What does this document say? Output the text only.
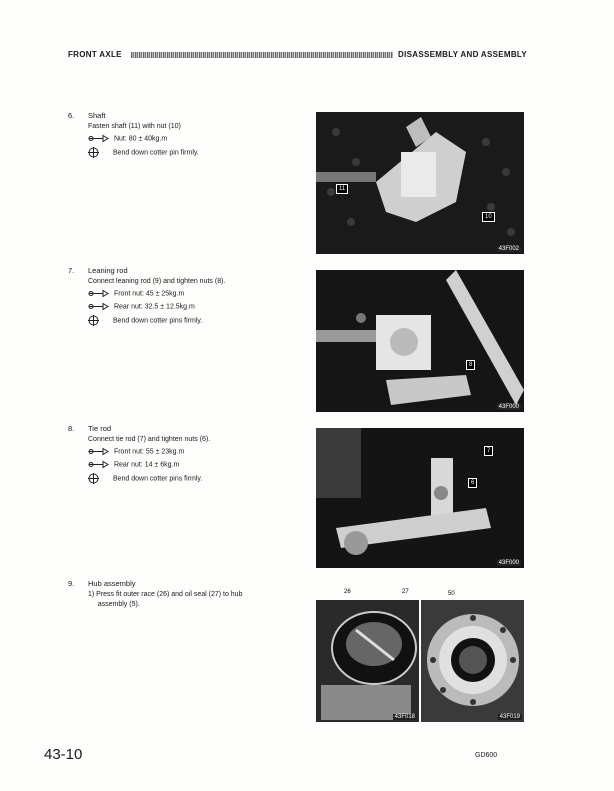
FRONT AXLE	DISASSEMBLY AND ASSEMBLY
6. Shaft
Fasten shaft (11) with nut (10)
Nut: 80 ± 40kg.m
Bend down cotter pin firmly.
11
10
43F002
7. Leaning rod
Connect leaning rod (9) and tighten nuts (8).
Front nut: 45 ± 25kg.m
Rear nut: 32.5 ± 12.5kg.m
Bend down cotter pins firmly.
8
43F000
8. Tie rod
Connect tie rod (7) and tighten nuts (6).
Front nut: 55 ± 23kg.m
Rear nut: 14 ± 6kg.m
Bend down cotter pins firmly.
7
6
43F000
9. Hub assembly
1) Press fit outer race (26) and oil seal (27) to hub
assembly (5).
43F018	43F019
26	27	50
43-10	GD600
